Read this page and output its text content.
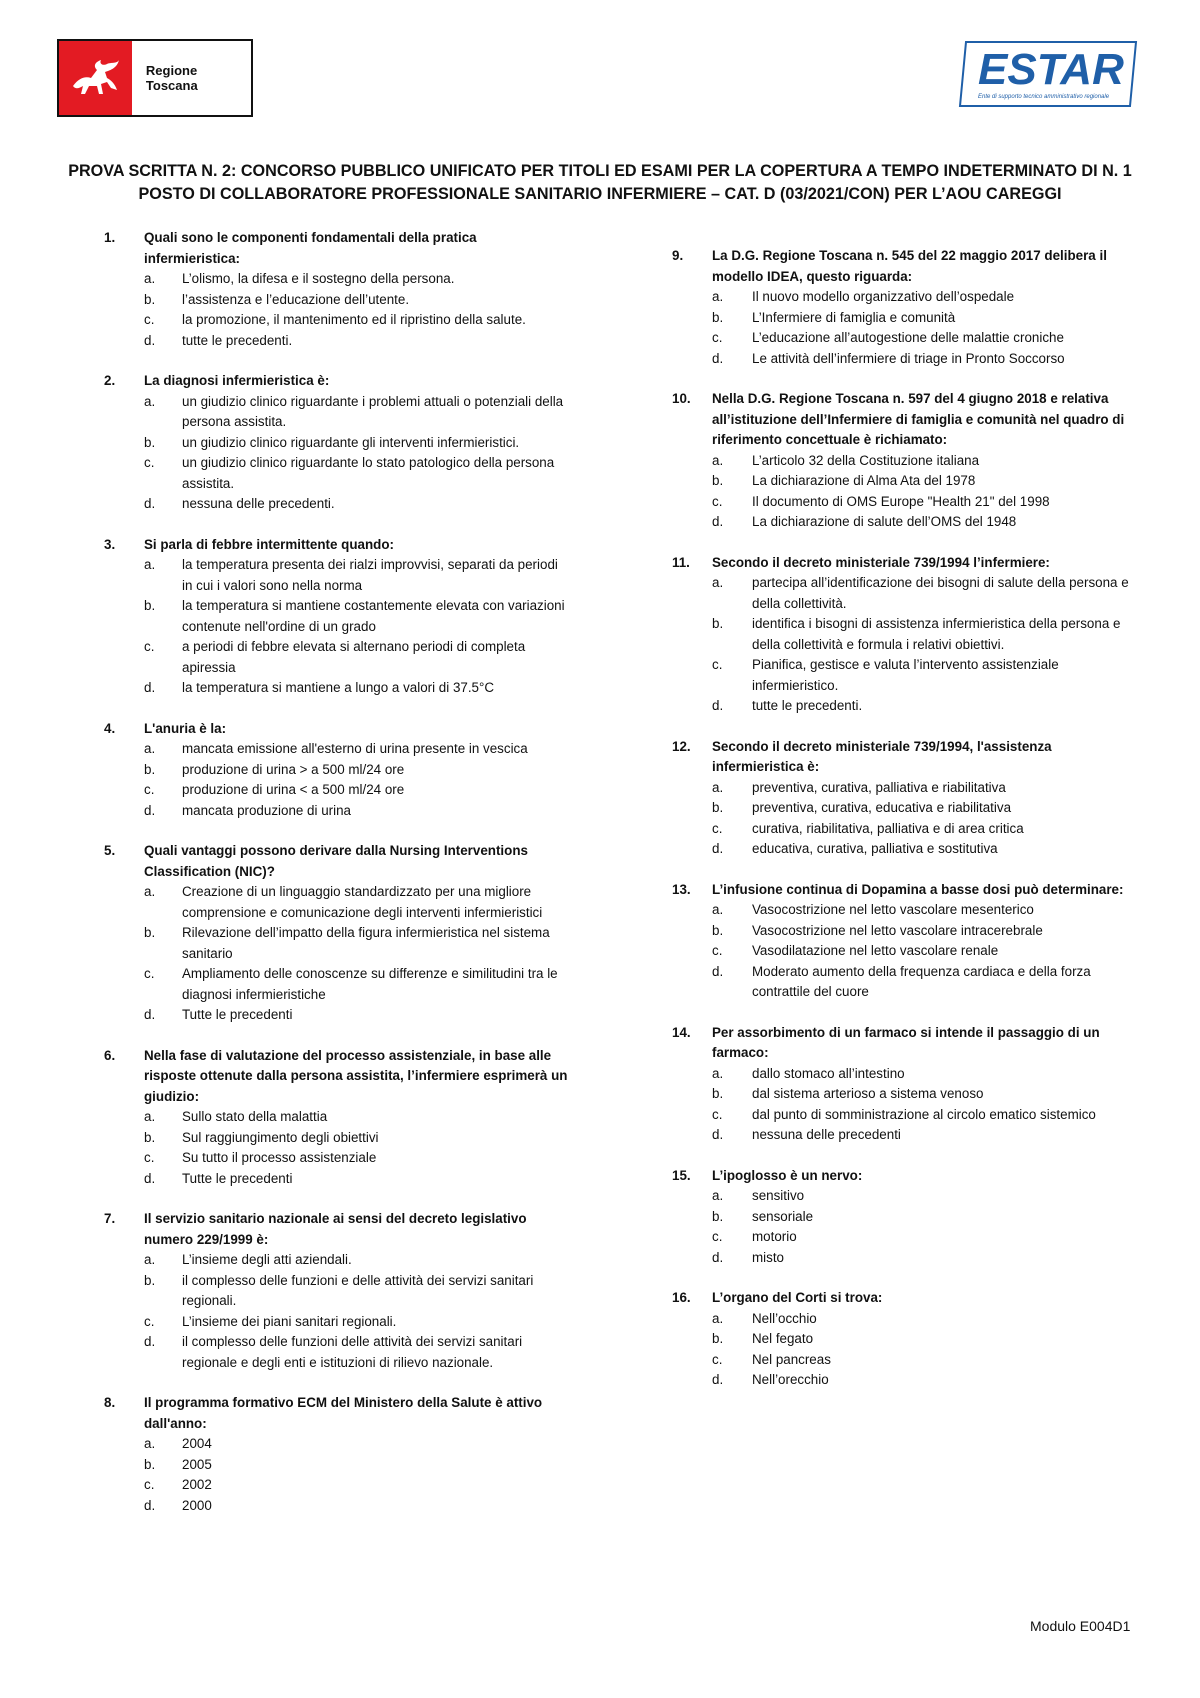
Regione Toscana	ESTAR
Ente di supporto tecnico amministrativo regionale
PROVA SCRITTA N. 2: CONCORSO PUBBLICO UNIFICATO PER TITOLI ED ESAMI PER LA COPERTURA A TEMPO INDETERMINATO DI N. 1 POSTO DI COLLABORATORE PROFESSIONALE SANITARIO INFERMIERE – CAT. D (03/2021/CON) PER L’AOU CAREGGI
1.	Quali sono le componenti fondamentali della pratica infermieristica:
a.	L’olismo, la difesa e il sostegno della persona.
b.	l’assistenza e l’educazione dell’utente.
c.	la promozione, il mantenimento ed il ripristino della salute.
d.	tutte le precedenti.
2.	La diagnosi infermieristica è:
a.	un giudizio clinico riguardante i problemi attuali o potenziali della persona assistita.
b.	un giudizio clinico riguardante gli interventi infermieristici.
c.	un giudizio clinico riguardante lo stato patologico della persona assistita.
d.	nessuna delle precedenti.
3.	Si parla di febbre intermittente quando:
a.	la temperatura presenta dei rialzi improvvisi, separati da periodi in cui i valori sono nella norma
b.	la temperatura si mantiene costantemente elevata con variazioni contenute nell'ordine di un grado
c.	a periodi di febbre elevata si alternano periodi di completa apiressia
d.	la temperatura si mantiene a lungo a valori di 37.5°C
4.	L'anuria è la:
a.	mancata emissione all'esterno di urina presente in vescica
b.	produzione di urina > a 500 ml/24 ore
c.	produzione di urina < a 500 ml/24 ore
d.	mancata produzione di urina
5.	Quali vantaggi possono derivare dalla Nursing Interventions Classification (NIC)?
a.	Creazione di un linguaggio standardizzato per una migliore comprensione e comunicazione degli interventi infermieristici
b.	Rilevazione dell’impatto della figura infermieristica nel sistema sanitario
c.	Ampliamento delle conoscenze su differenze e similitudini tra le diagnosi infermieristiche
d.	Tutte le precedenti
6.	Nella fase di valutazione del processo assistenziale, in base alle risposte ottenute dalla persona assistita, l’infermiere esprimerà un giudizio:
a.	Sullo stato della malattia
b.	Sul raggiungimento degli obiettivi
c.	Su tutto il processo assistenziale
d.	Tutte le precedenti
7.	Il servizio sanitario nazionale ai sensi del decreto legislativo numero 229/1999 è:
a.	L’insieme degli atti aziendali.
b.	il complesso delle funzioni e delle attività dei servizi sanitari regionali.
c.	L’insieme dei piani sanitari regionali.
d.	il complesso delle funzioni delle attività dei servizi sanitari regionale e degli enti e istituzioni di rilievo nazionale.
8.	Il programma formativo ECM del Ministero della Salute è attivo dall'anno:
a.	2004
b.	2005
c.	2002
d.	2000
9.	La D.G. Regione Toscana n. 545 del 22 maggio 2017 delibera il modello IDEA, questo riguarda:
a.	Il nuovo modello organizzativo dell’ospedale
b.	L’Infermiere di famiglia e comunità
c.	L’educazione all’autogestione delle malattie croniche
d.	Le attività dell’infermiere di triage in Pronto Soccorso
10.	Nella D.G. Regione Toscana n. 597 del 4 giugno 2018 e relativa all’istituzione dell’Infermiere di famiglia e comunità nel quadro di riferimento concettuale è richiamato:
a.	L’articolo 32 della Costituzione italiana
b.	La dichiarazione di Alma Ata del 1978
c.	Il documento di OMS Europe "Health 21" del 1998
d.	La dichiarazione di salute dell’OMS del 1948
11.	Secondo il decreto ministeriale 739/1994 l’infermiere:
a.	partecipa all’identificazione dei bisogni di salute della persona e della collettività.
b.	identifica i bisogni di assistenza infermieristica della persona e della collettività e formula i relativi obiettivi.
c.	Pianifica, gestisce e valuta l’intervento assistenziale infermieristico.
d.	tutte le precedenti.
12.	Secondo il decreto ministeriale 739/1994, l'assistenza infermieristica è:
a.	preventiva, curativa, palliativa e riabilitativa
b.	preventiva, curativa, educativa e riabilitativa
c.	curativa, riabilitativa, palliativa e di area critica
d.	educativa, curativa, palliativa e sostitutiva
13.	L’infusione continua di Dopamina a basse dosi può determinare:
a.	Vasocostrizione nel letto vascolare mesenterico
b.	Vasocostrizione nel letto vascolare intracerebrale
c.	Vasodilatazione nel letto vascolare renale
d.	Moderato aumento della frequenza cardiaca e della forza contrattile del cuore
14.	Per assorbimento di un farmaco si intende il passaggio di un farmaco:
a.	dallo stomaco all’intestino
b.	dal sistema arterioso a sistema venoso
c.	dal punto di somministrazione al circolo ematico sistemico
d.	nessuna delle precedenti
15.	L’ipoglosso è un nervo:
a.	sensitivo
b.	sensoriale
c.	motorio
d.	misto
16.	L’organo del Corti si trova:
a.	Nell’occhio
b.	Nel fegato
c.	Nel pancreas
d.	Nell’orecchio
Modulo E004D1
